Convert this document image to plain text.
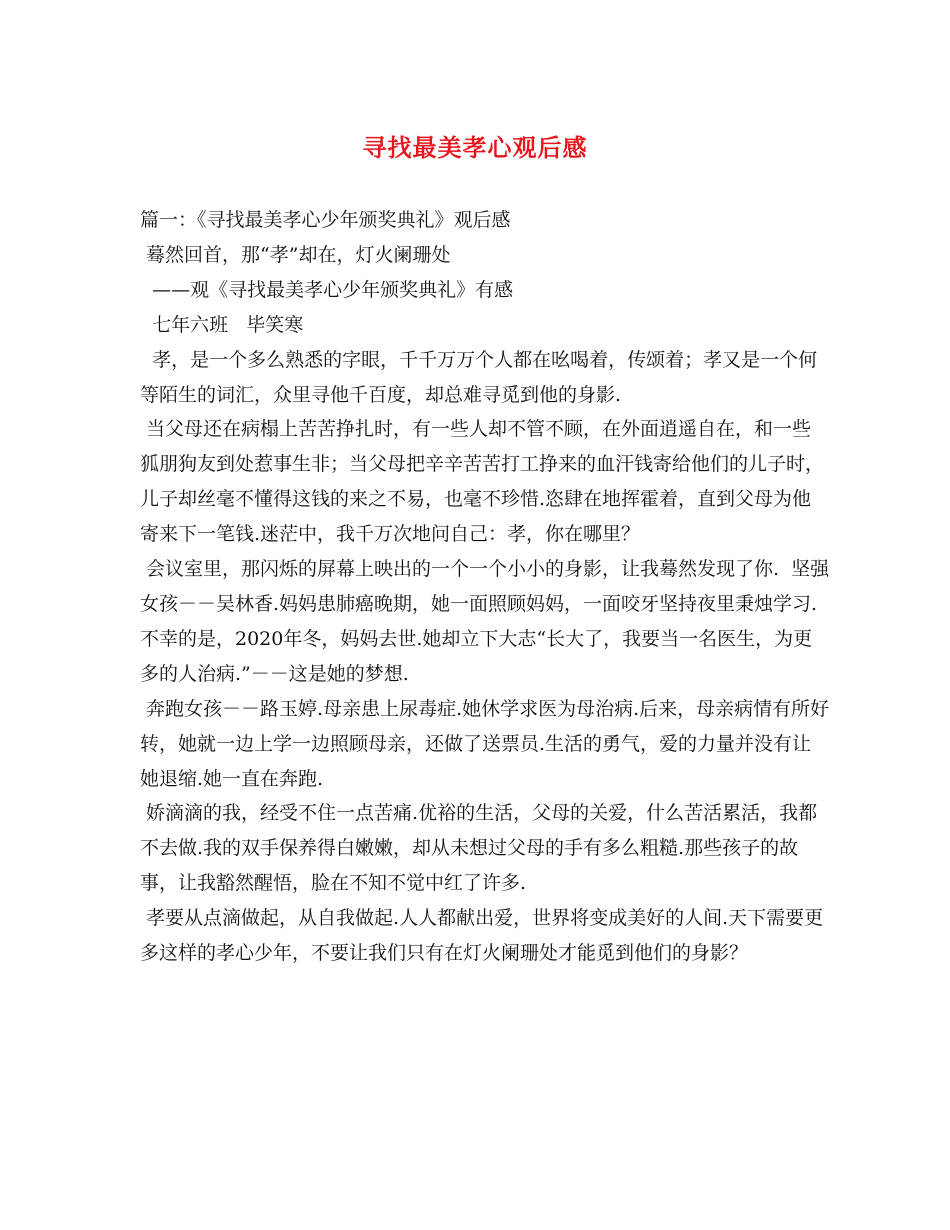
寻找最美孝心观后感

篇一：《寻找最美孝心少年颁奖典礼》观后感

蓦然回首，那“孝”却在，灯火阑珊处

——观《寻找最美孝心少年颁奖典礼》有感

七年六班   毕笑寒

孝，是一个多么熟悉的字眼，千千万万个人都在吆喝着，传颂着；孝又是一个何等陌生的词汇，众里寻他千百度，却总难寻觅到他的身影.

当父母还在病榻上苦苦挣扎时，有一些人却不管不顾，在外面逍遥自在，和一些狐朋狗友到处惹事生非；当父母把辛辛苦苦打工挣来的血汗钱寄给他们的儿子时，儿子却丝毫不懂得这钱的来之不易，也毫不珍惜.恣肆在地挥霍着，直到父母为他寄来下一笔钱.迷茫中，我千万次地问自己：孝，你在哪里？

会议室里，那闪烁的屏幕上映出的一个一个小小的身影，让我蓦然发现了你.  坚强女孩－－吴林香.妈妈患肺癌晚期，她一面照顾妈妈，一面咬牙坚持夜里秉烛学习.不幸的是，2020年冬，妈妈去世.她却立下大志“长大了，我要当一名医生，为更多的人治病.”－－这是她的梦想.

奔跑女孩－－路玉婷.母亲患上尿毒症.她休学求医为母治病.后来，母亲病情有所好转，她就一边上学一边照顾母亲，还做了送票员.生活的勇气，爱的力量并没有让她退缩.她一直在奔跑.

娇滴滴的我，经受不住一点苦痛.优裕的生活，父母的关爱，什么苦活累活，我都不去做.我的双手保养得白嫩嫩，却从未想过父母的手有多么粗糙.那些孩子的故事，让我豁然醒悟，脸在不知不觉中红了许多.

孝要从点滴做起，从自我做起.人人都献出爱，世界将变成美好的人间.天下需要更多这样的孝心少年，不要让我们只有在灯火阑珊处才能觅到他们的身影？
